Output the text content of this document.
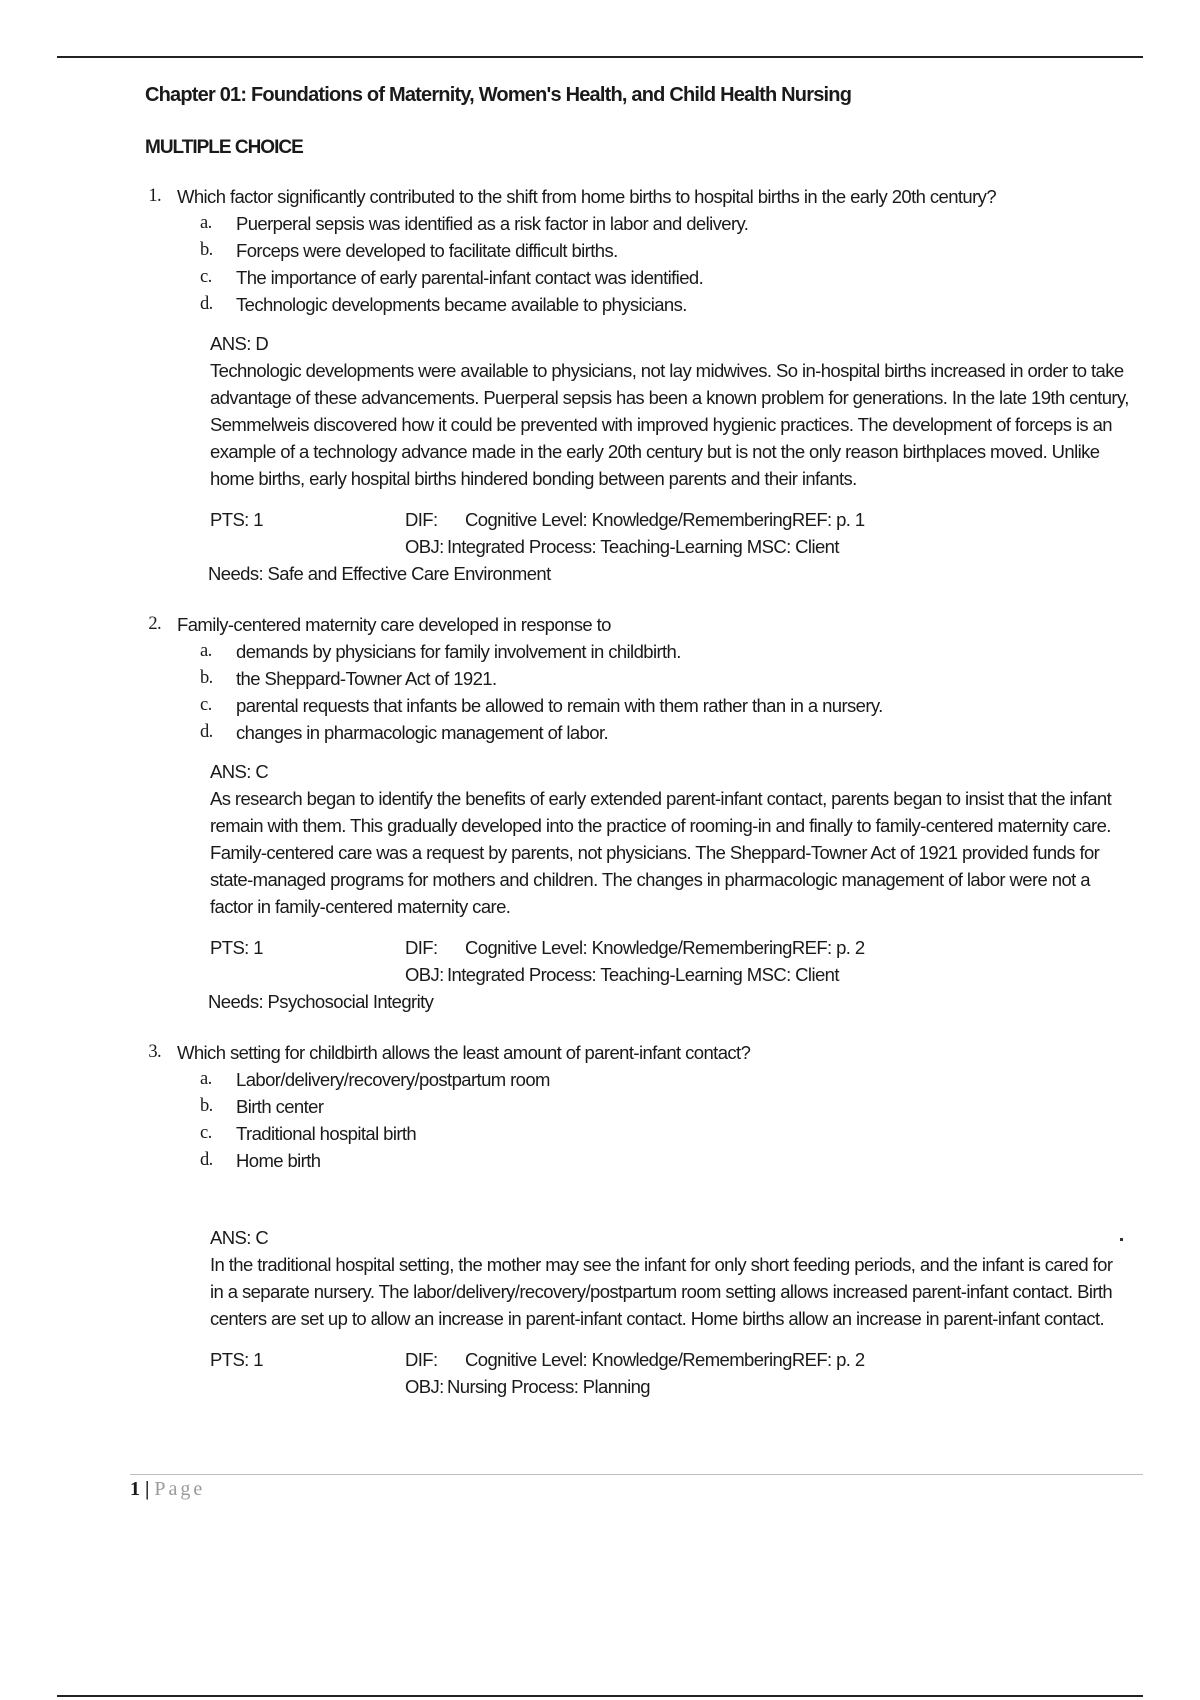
Chapter 01: Foundations of Maternity, Women's Health, and Child Health Nursing
MULTIPLE CHOICE
1. Which factor significantly contributed to the shift from home births to hospital births in the early 20th century?
a.	Puerperal sepsis was identified as a risk factor in labor and delivery.
b.	Forceps were developed to facilitate difficult births.
c.	The importance of early parental-infant contact was identified.
d.	Technologic developments became available to physicians.
ANS: D
Technologic developments were available to physicians, not lay midwives. So in-hospital births increased in order to take advantage of these advancements. Puerperal sepsis has been a known problem for generations. In the late 19th century, Semmelweis discovered how it could be prevented with improved hygienic practices. The development of forceps is an example of a technology advance made in the early 20th century but is not the only reason birthplaces moved. Unlike home births, early hospital births hindered bonding between parents and their infants.
PTS: 1	DIF:	Cognitive Level: Knowledge/RememberingREF: p. 1
OBJ: Integrated Process: Teaching-Learning MSC: Client
Needs: Safe and Effective Care Environment
2. Family-centered maternity care developed in response to
a.	demands by physicians for family involvement in childbirth.
b.	the Sheppard-Towner Act of 1921.
c.	parental requests that infants be allowed to remain with them rather than in a nursery.
d.	changes in pharmacologic management of labor.
ANS: C
As research began to identify the benefits of early extended parent-infant contact, parents began to insist that the infant remain with them. This gradually developed into the practice of rooming-in and finally to family-centered maternity care. Family-centered care was a request by parents, not physicians. The Sheppard-Towner Act of 1921 provided funds for state-managed programs for mothers and children. The changes in pharmacologic management of labor were not a factor in family-centered maternity care.
PTS: 1	DIF:	Cognitive Level: Knowledge/RememberingREF: p. 2
OBJ: Integrated Process: Teaching-Learning MSC: Client
Needs: Psychosocial Integrity
3. Which setting for childbirth allows the least amount of parent-infant contact?
a.	Labor/delivery/recovery/postpartum room
b.	Birth center
c.	Traditional hospital birth
d.	Home birth
ANS: C
In the traditional hospital setting, the mother may see the infant for only short feeding periods, and the infant is cared for in a separate nursery. The labor/delivery/recovery/postpartum room setting allows increased parent-infant contact. Birth centers are set up to allow an increase in parent-infant contact. Home births allow an increase in parent-infant contact.
PTS: 1	DIF:	Cognitive Level: Knowledge/RememberingREF: p. 2
OBJ: Nursing Process: Planning
1 | Page
